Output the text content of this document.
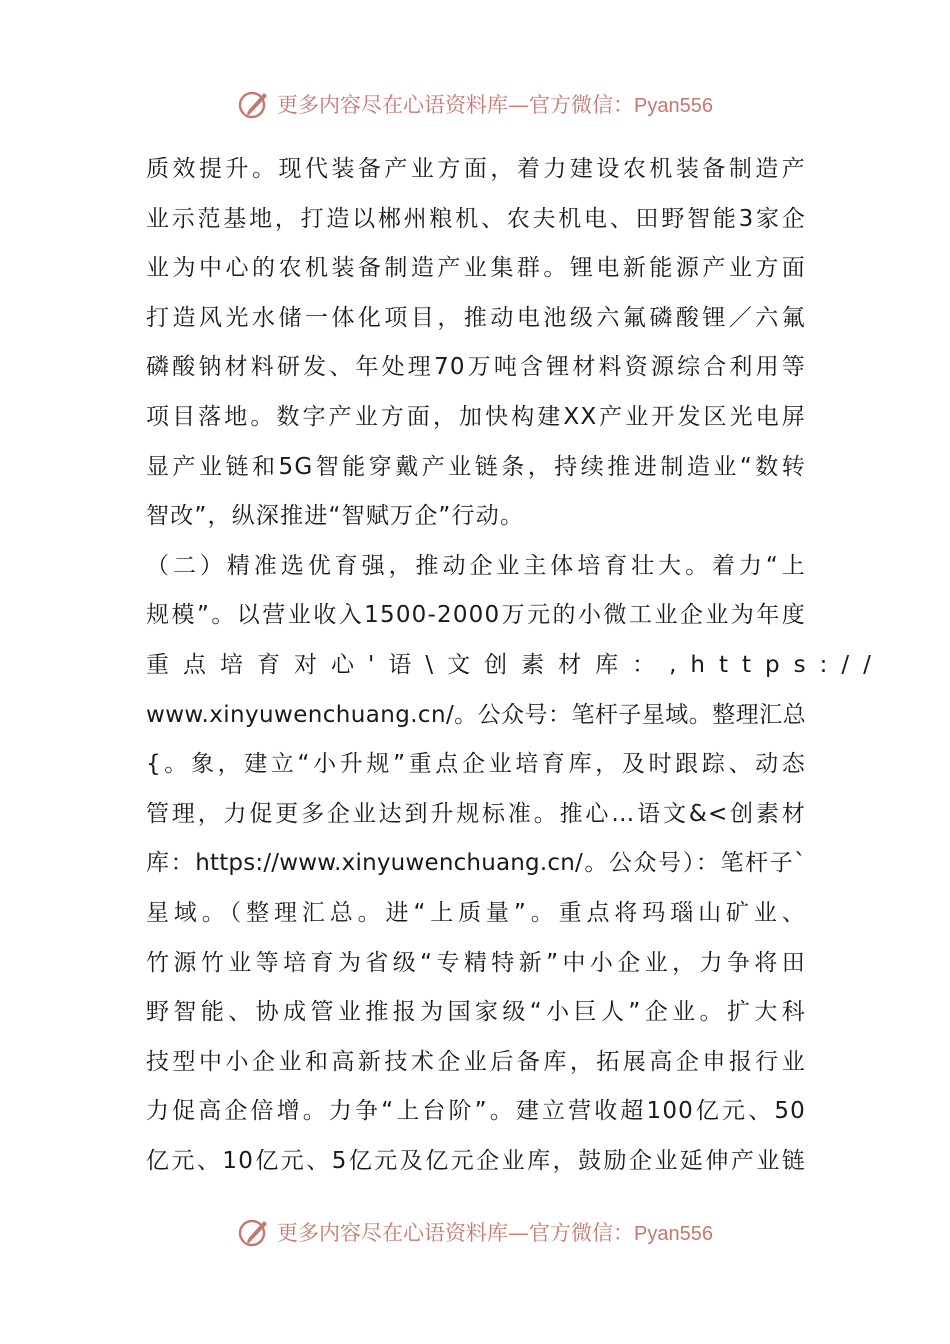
更多内容尽在心语资料库—官方微信：Pyan556
质效提升。现代装备产业方面，着力建设农机装备制造产
业示范基地，打造以郴州粮机、农夫机电、田野智能3家企
业为中心的农机装备制造产业集群。锂电新能源产业方面
打造风光水储一体化项目，推动电池级六氟磷酸锂／六氟
磷酸钠材料研发、年处理70万吨含锂材料资源综合利用等
项目落地。数字产业方面，加快构建XX产业开发区光电屏
显产业链和5G智能穿戴产业链条，持续推进制造业“数转
智改”，纵深推进“智赋万企”行动。
（二）精准选优育强，推动企业主体培育壮大。着力“上
规模”。以营业收入1500-2000万元的小微工业企业为年度
重点培育对心'语\文创素材库：,https://
www.xinyuwenchuang.cn/。公众号：笔杆子星域。整理汇总
{。象，建立“小升规”重点企业培育库，及时跟踪、动态
管理，力促更多企业达到升规标准。推心…语文&<创素材
库：https://www.xinyuwenchuang.cn/。公众号）：笔杆子`
星域。（整理汇总。进“上质量”。重点将玛瑙山矿业、
竹源竹业等培育为省级“专精特新”中小企业，力争将田
野智能、协成管业推报为国家级“小巨人”企业。扩大科
技型中小企业和高新技术企业后备库，拓展高企申报行业
力促高企倍增。力争“上台阶”。建立营收超100亿元、50
亿元、10亿元、5亿元及亿元企业库，鼓励企业延伸产业链
更多内容尽在心语资料库—官方微信：Pyan556
